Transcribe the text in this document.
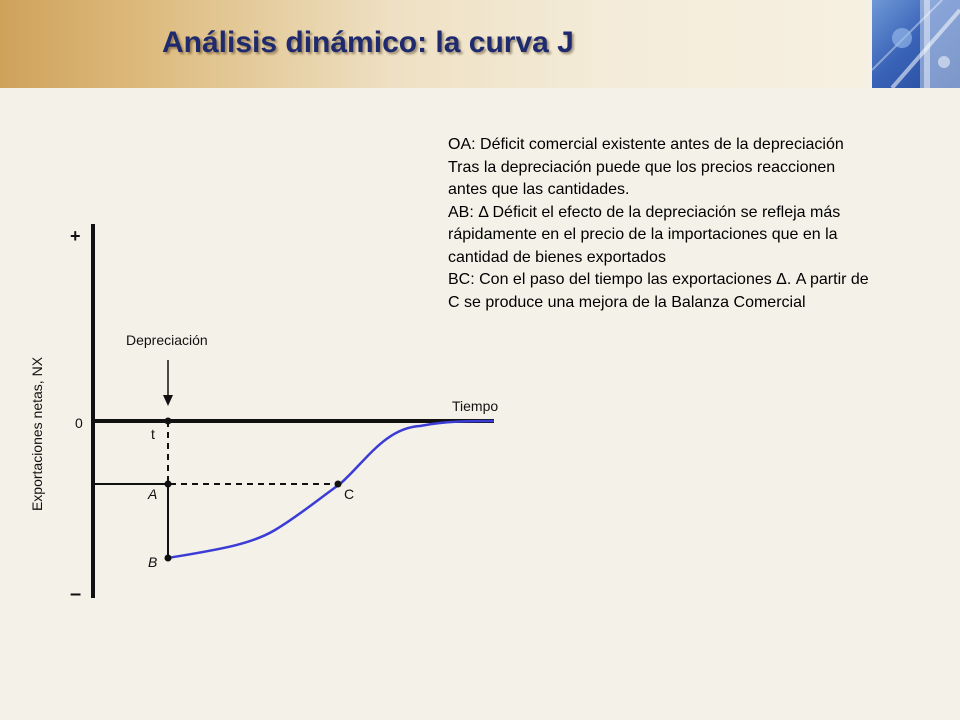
Análisis dinámico: la curva J
OA: Déficit comercial existente antes de la depreciación
Tras la depreciación puede que los precios reaccionen
antes que las cantidades.
AB: Δ Déficit el efecto de la depreciación se refleja más
rápidamente en el precio de la importaciones que en la
cantidad de bienes exportados
BC: Con el paso del tiempo las exportaciones Δ. A partir de
C se produce una mejora de la Balanza Comercial
+
–
0
Exportaciones netas, NX	Tiempo
Depreciación
t
A
B
C
